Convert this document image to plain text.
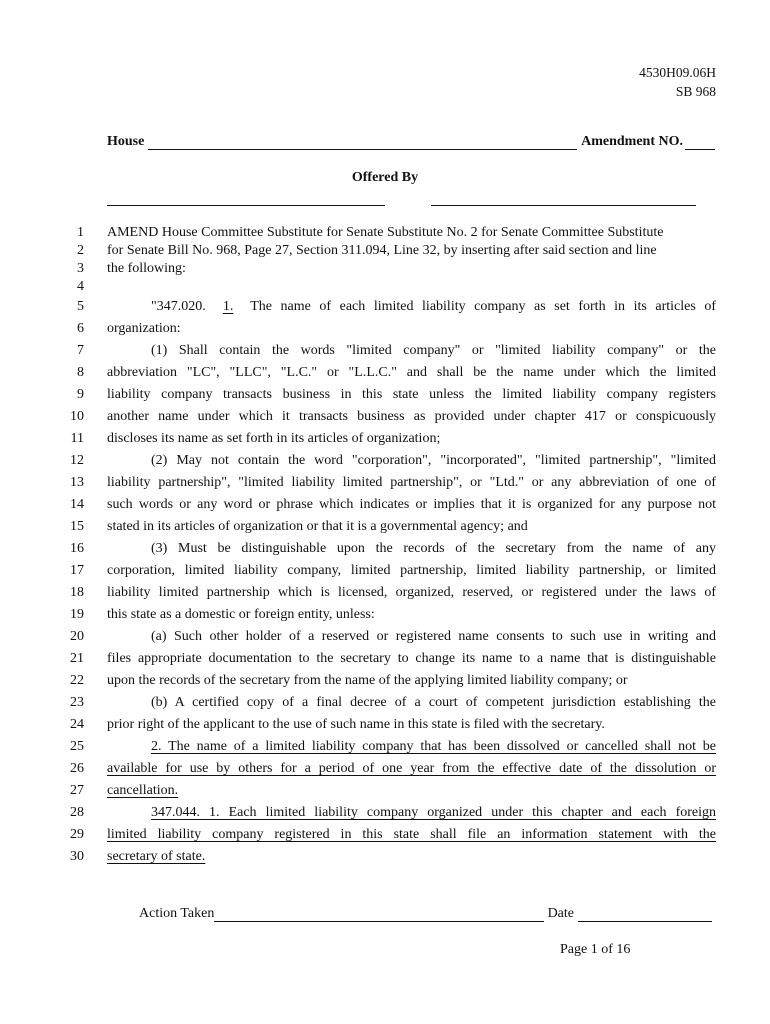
4530H09.06H
SB 968
House	Amendment NO.
Offered By
1 AMEND House Committee Substitute for Senate Substitute No. 2 for Senate Committee Substitute
2 for Senate Bill No. 968, Page 27, Section 311.094, Line 32, by inserting after said section and line
3 the following:
4
5	"347.020.  1.  The name of each limited liability company as set forth in its articles of
6 organization:
7	(1) Shall contain the words "limited company" or "limited liability company" or the
8 abbreviation "LC", "LLC", "L.C." or "L.L.C." and shall be the name under which the limited
9 liability company transacts business in this state unless the limited liability company registers
10 another name under which it transacts business as provided under chapter 417 or conspicuously
11 discloses its name as set forth in its articles of organization;
12	(2) May not contain the word "corporation", "incorporated", "limited partnership", "limited
13 liability partnership", "limited liability limited partnership", or "Ltd." or any abbreviation of one of
14 such words or any word or phrase which indicates or implies that it is organized for any purpose not
15 stated in its articles of organization or that it is a governmental agency; and
16	(3) Must be distinguishable upon the records of the secretary from the name of any
17 corporation, limited liability company, limited partnership, limited liability partnership, or limited
18 liability limited partnership which is licensed, organized, reserved, or registered under the laws of
19 this state as a domestic or foreign entity, unless:
20	(a) Such other holder of a reserved or registered name consents to such use in writing and
21 files appropriate documentation to the secretary to change its name to a name that is distinguishable
22 upon the records of the secretary from the name of the applying limited liability company; or
23	(b) A certified copy of a final decree of a court of competent jurisdiction establishing the
24 prior right of the applicant to the use of such name in this state is filed with the secretary.
25	2. The name of a limited liability company that has been dissolved or cancelled shall not be
26 available for use by others for a period of one year from the effective date of the dissolution or
27 cancellation.
28	347.044. 1. Each limited liability company organized under this chapter and each foreign
29 limited liability company registered in this state shall file an information statement with the
30 secretary of state.
Action Taken	Date
Page 1 of 16
